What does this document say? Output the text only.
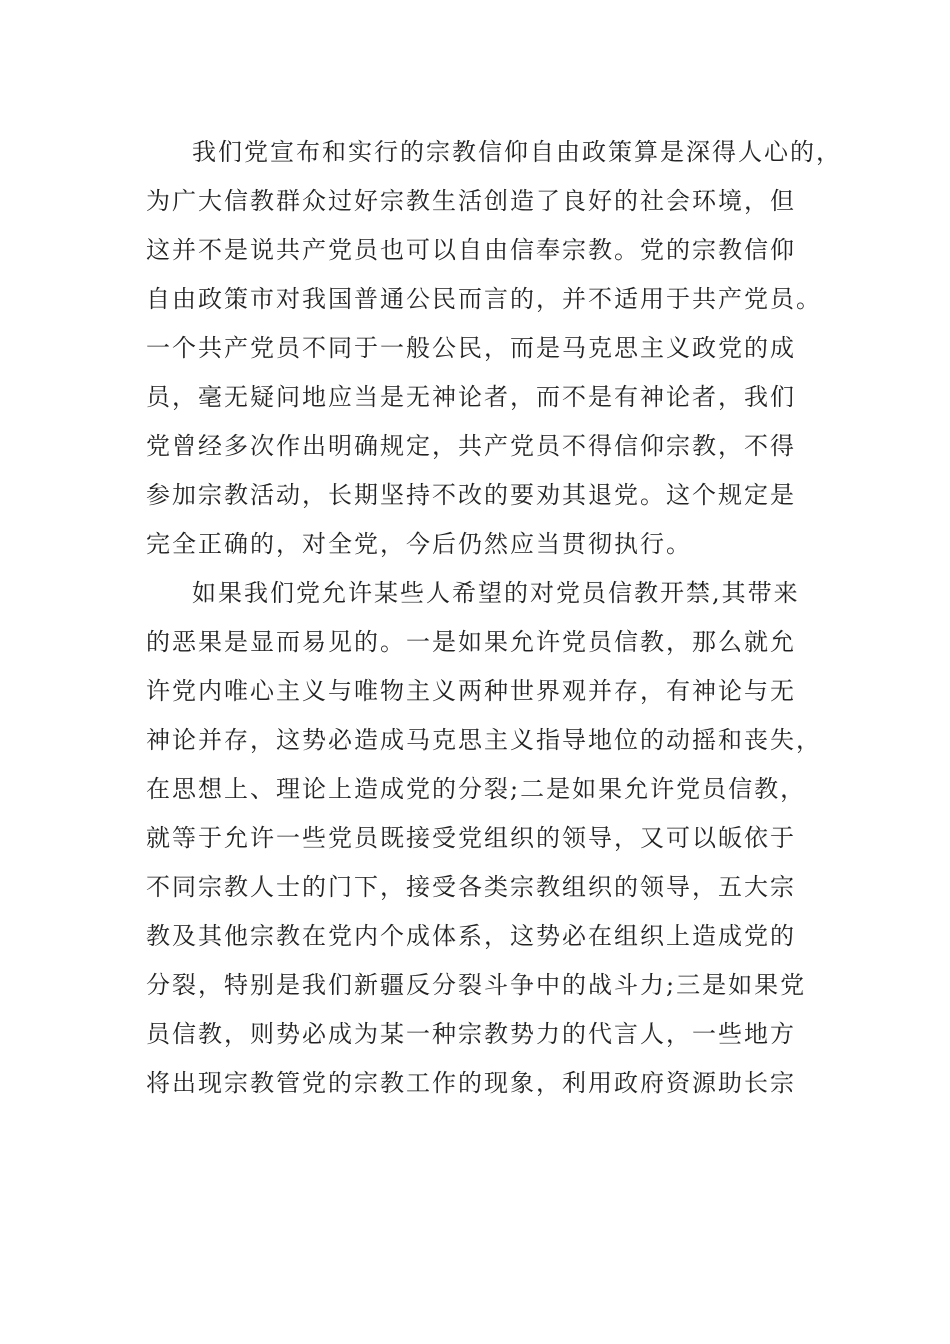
我们党宣布和实行的宗教信仰自由政策算是深得人心的，
为广大信教群众过好宗教生活创造了良好的社会环境，但
这并不是说共产党员也可以自由信奉宗教。党的宗教信仰
自由政策市对我国普通公民而言的，并不适用于共产党员。
一个共产党员不同于一般公民，而是马克思主义政党的成
员，毫无疑问地应当是无神论者，而不是有神论者，我们
党曾经多次作出明确规定，共产党员不得信仰宗教，不得
参加宗教活动，长期坚持不改的要劝其退党。这个规定是
完全正确的，对全党，今后仍然应当贯彻执行。
如果我们党允许某些人希望的对党员信教开禁,其带来
的恶果是显而易见的。一是如果允许党员信教，那么就允
许党内唯心主义与唯物主义两种世界观并存，有神论与无
神论并存，这势必造成马克思主义指导地位的动摇和丧失，
在思想上、理论上造成党的分裂;二是如果允许党员信教，
就等于允许一些党员既接受党组织的领导，又可以皈依于
不同宗教人士的门下，接受各类宗教组织的领导，五大宗
教及其他宗教在党内个成体系，这势必在组织上造成党的
分裂，特别是我们新疆反分裂斗争中的战斗力;三是如果党
员信教，则势必成为某一种宗教势力的代言人，一些地方
将出现宗教管党的宗教工作的现象，利用政府资源助长宗
